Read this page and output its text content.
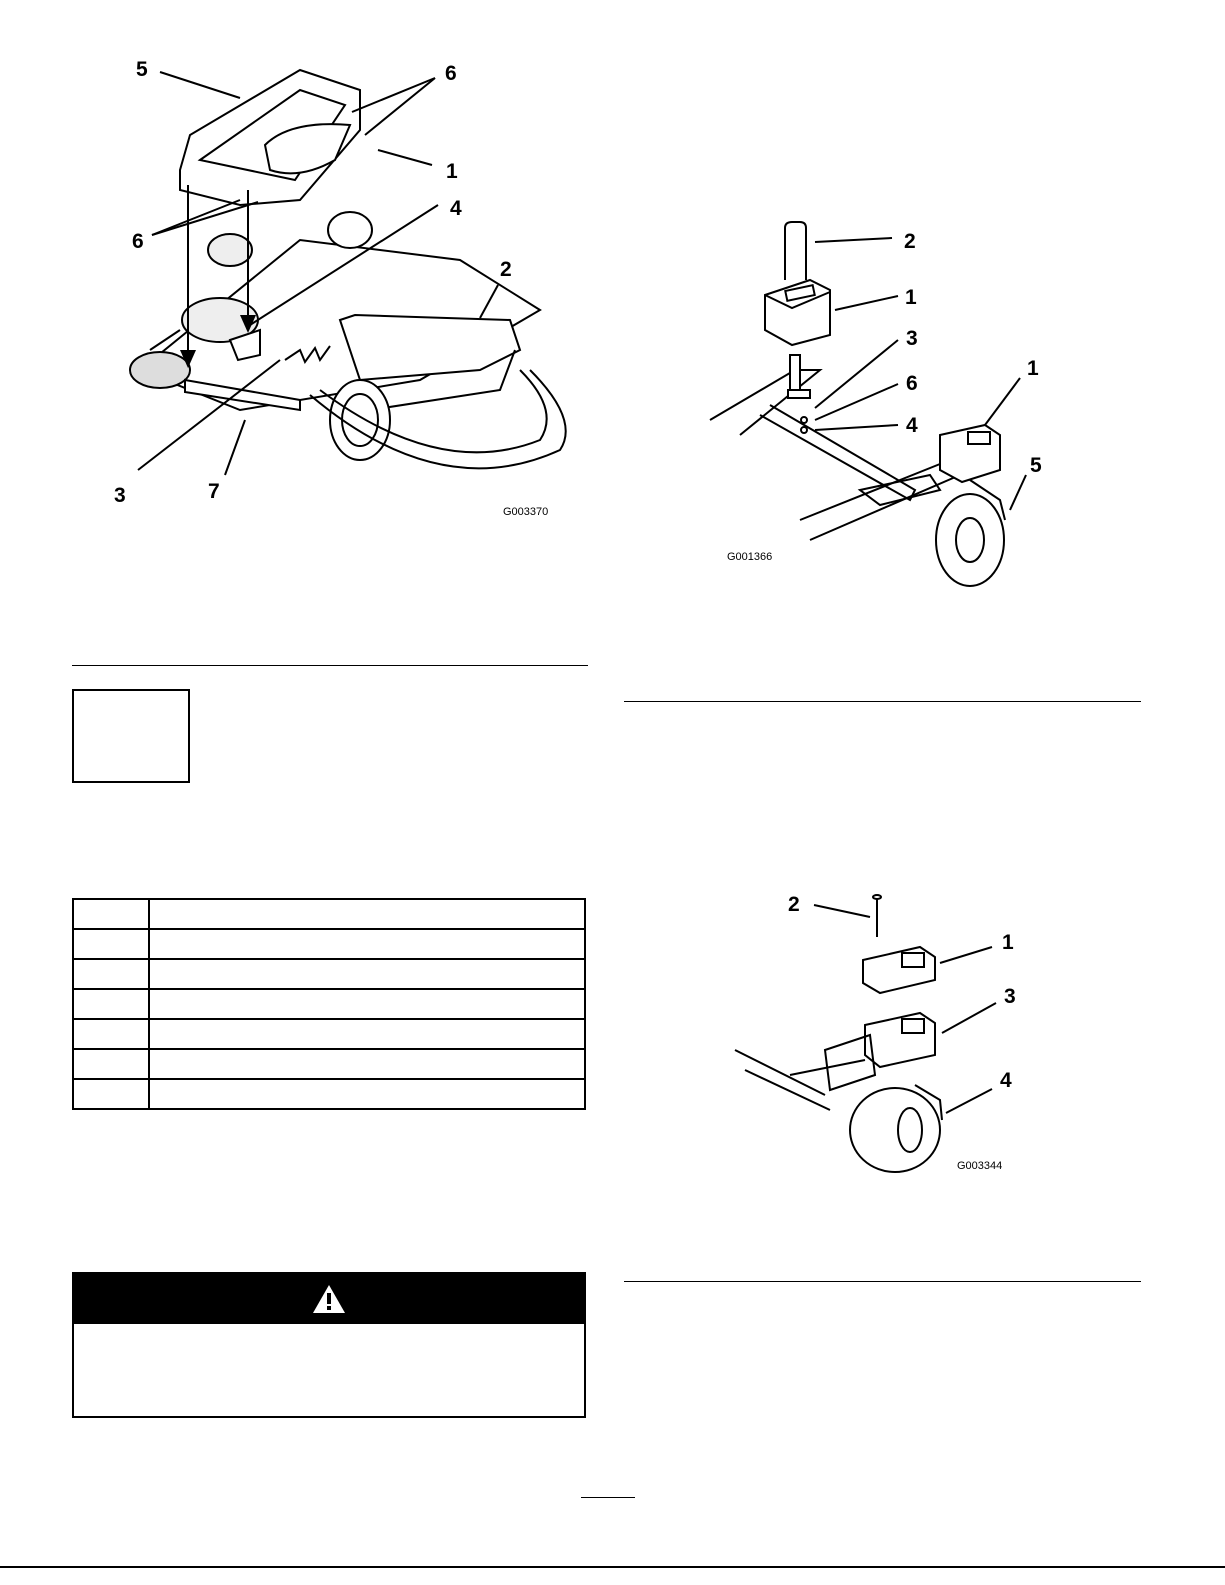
5	6
1
4
2
6
3	7
G003370
2
1
3
6
4
1
5
G001366
2
1
3
4
G003344
